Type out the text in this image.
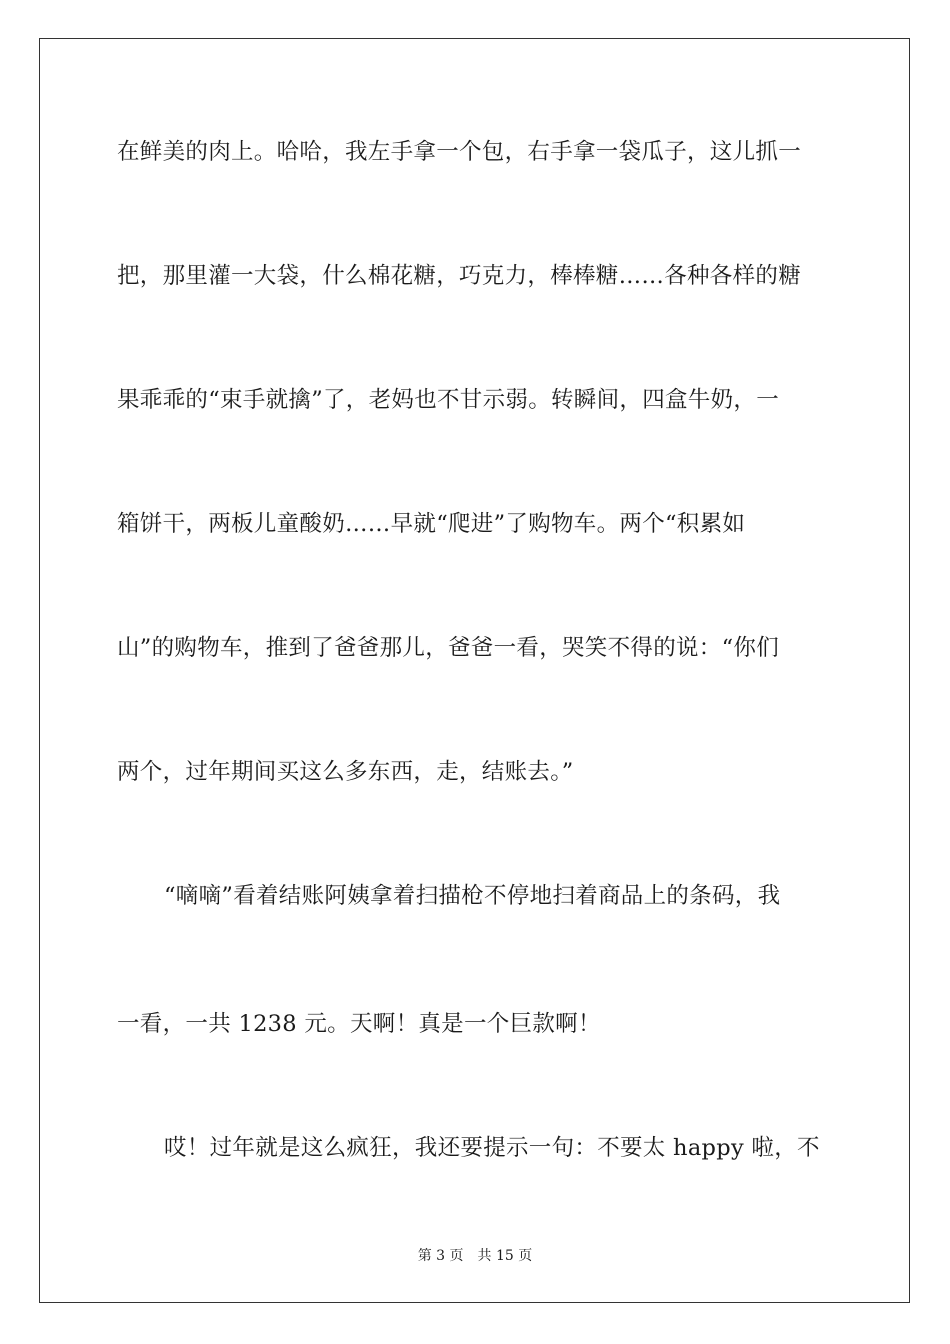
在鲜美的肉上。哈哈，我左手拿一个包，右手拿一袋瓜子，这儿抓一
把，那里灌一大袋，什么棉花糖，巧克力，棒棒糖……各种各样的糖
果乖乖的“束手就擒”了，老妈也不甘示弱。转瞬间，四盒牛奶，一
箱饼干，两板儿童酸奶……早就“爬进”了购物车。两个“积累如
山”的购物车，推到了爸爸那儿，爸爸一看，哭笑不得的说：“你们
两个，过年期间买这么多东西，走，结账去。”
“嘀嘀”看着结账阿姨拿着扫描枪不停地扫着商品上的条码，我
一看，一共 1238 元。天啊！真是一个巨款啊！
哎！过年就是这么疯狂，我还要提示一句：不要太 happy 啦，不
第 3 页 共 15 页
